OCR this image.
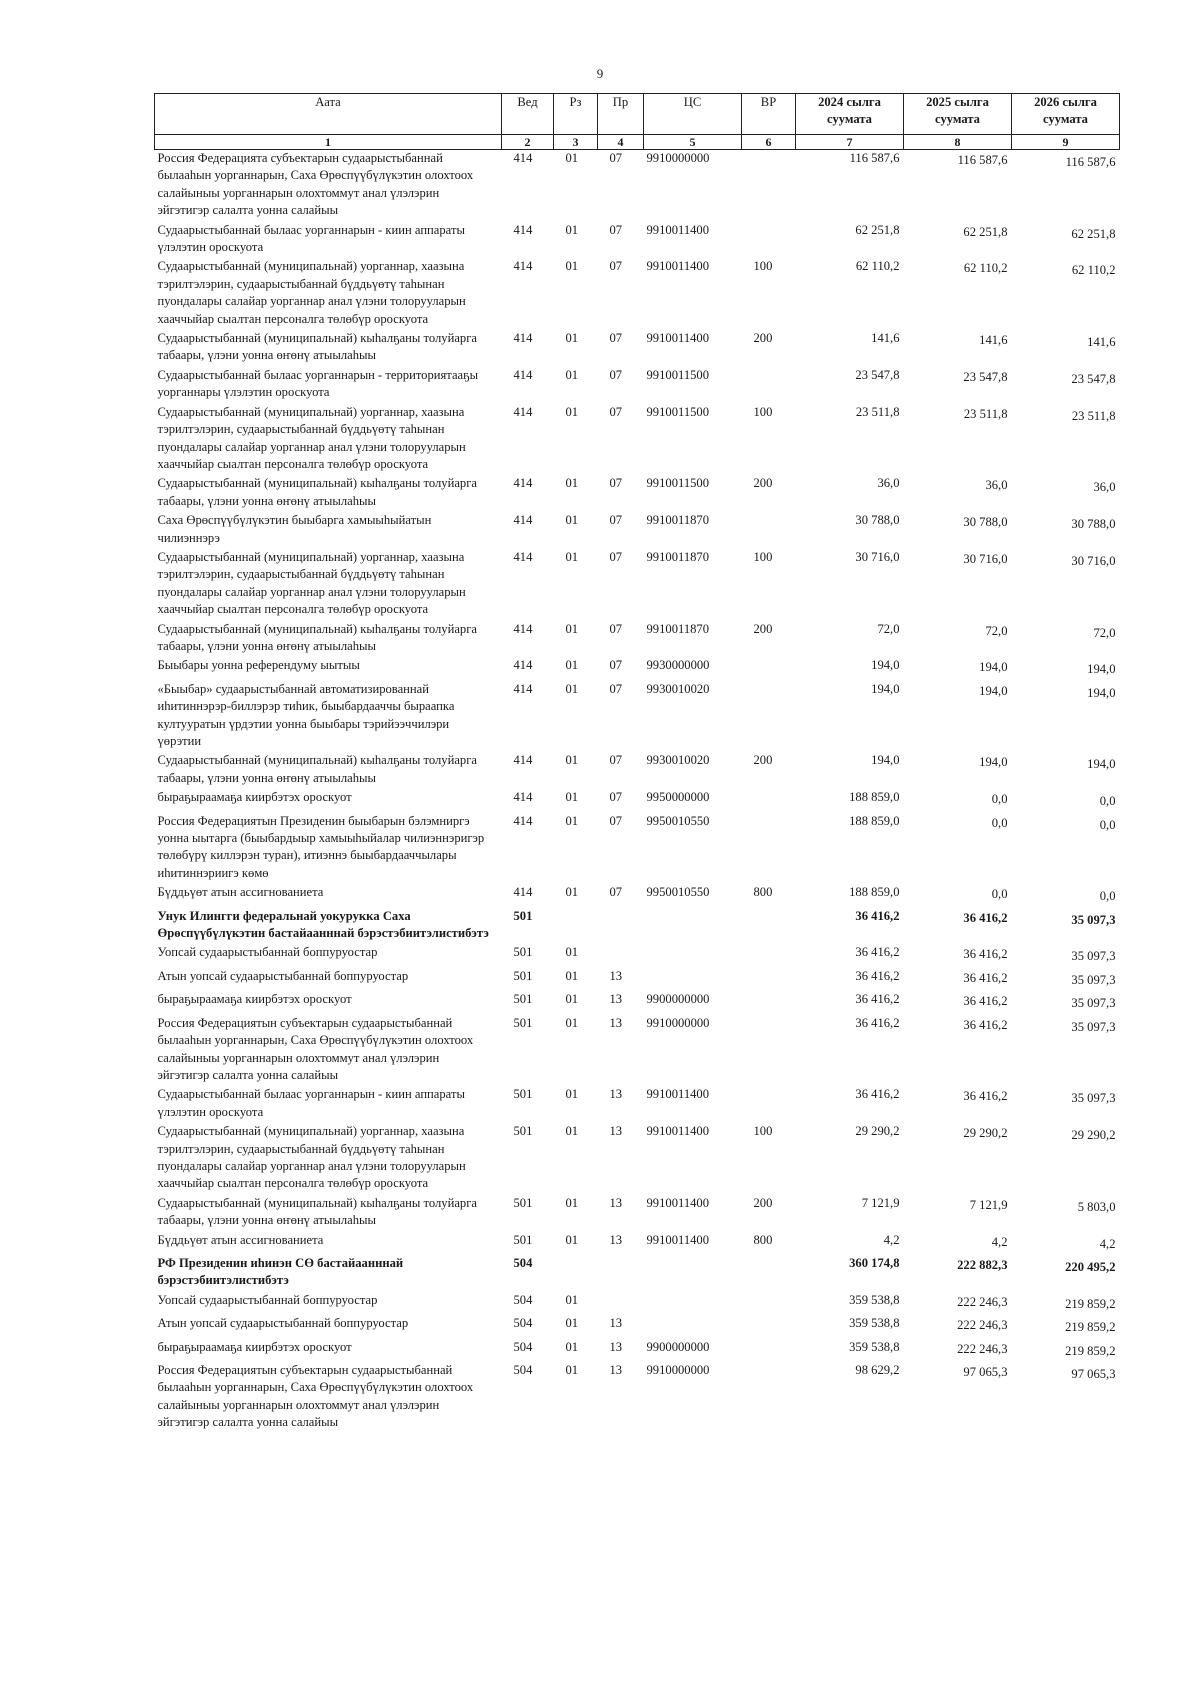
9
Аата	Вед	Рз	Пр	ЦС	ВР	2024 сылга суумата	2025 сылга суумата	2026 сылга суумата
1	2	3	4	5	6	7	8	9
Россия Федерацията субъектарын судаарыстыбаннай былааһын уорганнарын, Саха Өрөспүүбүлүкэтин олохтоох салайыныы уорганнарын олохтоммут анал үлэлэрин эйгэтигэр салалта уонна салайыы	414	01	07	9910000000		116 587,6	116 587,6	116 587,6
Судаарыстыбаннай былаас уорганнарын - киин аппараты үлэлэтин ороскуота	414	01	07	9910011400		62 251,8	62 251,8	62 251,8
Судаарыстыбаннай (муниципальнай) уорганнар, хаазына тэрилтэлэрин, судаарыстыбаннай бүддьүөтү таһынан пуондалары салайар уорганнар анал үлэни толорууларын хааччыйар сыалтан персоналга төлөбүр ороскуота	414	01	07	9910011400	100	62 110,2	62 110,2	62 110,2
Судаарыстыбаннай (муниципальнай) кыһалҕаны толуйарга табаары, үлэни уонна өҥөнү атыылаһыы	414	01	07	9910011400	200	141,6	141,6	141,6
Судаарыстыбаннай былаас уорганнарын - территориятааҕы уорганнары үлэлэтин ороскуота	414	01	07	9910011500		23 547,8	23 547,8	23 547,8
Судаарыстыбаннай (муниципальнай) уорганнар, хаазына тэрилтэлэрин, судаарыстыбаннай бүддьүөтү таһынан пуондалары салайар уорганнар анал үлэни толорууларын хааччыйар сыалтан персоналга төлөбүр ороскуота	414	01	07	9910011500	100	23 511,8	23 511,8	23 511,8
Судаарыстыбаннай (муниципальнай) кыһалҕаны толуйарга табаары, үлэни уонна өҥөнү атыылаһыы	414	01	07	9910011500	200	36,0	36,0	36,0
Саха Өрөспүүбүлүкэтин быыбарга хамыыһыйатын чилиэннэрэ	414	01	07	9910011870		30 788,0	30 788,0	30 788,0
Судаарыстыбаннай (муниципальнай) уорганнар, хаазына тэрилтэлэрин, судаарыстыбаннай бүддьүөтү таһынан пуондалары салайар уорганнар анал үлэни толорууларын хааччыйар сыалтан персоналга төлөбүр ороскуота	414	01	07	9910011870	100	30 716,0	30 716,0	30 716,0
Судаарыстыбаннай (муниципальнай) кыһалҕаны толуйарга табаары, үлэни уонна өҥөнү атыылаһыы	414	01	07	9910011870	200	72,0	72,0	72,0
Быыбары уонна референдуму ыытыы	414	01	07	9930000000		194,0	194,0	194,0
«Быыбар» судаарыстыбаннай автоматизированнай иһитиннэрэр-биллэрэр тиһик, быыбардааччы быраапка култууратын үрдэтии уонна быыбары тэрийээччилэри үөрэтии	414	01	07	9930010020		194,0	194,0	194,0
Судаарыстыбаннай (муниципальнай) кыһалҕаны толуйарга табаары, үлэни уонна өҥөнү атыылаһыы	414	01	07	9930010020	200	194,0	194,0	194,0
быраҕыраамаҕа киирбэтэх ороскуот	414	01	07	9950000000		188 859,0	0,0	0,0
Россия Федерациятын Президенин быыбарын бэлэмниргэ уонна ыытарга (быыбардыыр хамыыһыйалар чилиэннэригэр төлөбүрү киллэрэн туран), итиэннэ быыбардааччылары иһитиннэриигэ көмө	414	01	07	9950010550		188 859,0	0,0	0,0
Бүддьүөт атын ассигнованиета	414	01	07	9950010550	800	188 859,0	0,0	0,0
Унук Илингги федеральнай уокуруккa Саха Өрөспүүбүлүкэтин бастайаанннай бэрэстэбиитэлистибэтэ	501					36 416,2	36 416,2	35 097,3
Уопсай судаарыстыбаннай боппуруостар	501	01				36 416,2	36 416,2	35 097,3
Атын уопсай судаарыстыбаннай боппуруостар	501	01	13			36 416,2	36 416,2	35 097,3
быраҕыраамаҕа киирбэтэх ороскуот	501	01	13	9900000000		36 416,2	36 416,2	35 097,3
Россия Федерациятын субъектарын судаарыстыбаннай былааһын уорганнарын, Саха Өрөспүүбүлүкэтин олохтоох салайыныы уорганнарын олохтоммут анал үлэлэрин эйгэтигэр салалта уонна салайыы	501	01	13	9910000000		36 416,2	36 416,2	35 097,3
Судаарыстыбаннай былаас уорганнарын - киин аппараты үлэлэтин ороскуота	501	01	13	9910011400		36 416,2	36 416,2	35 097,3
Судаарыстыбаннай (муниципальнай) уорганнар, хаазына тэрилтэлэрин, судаарыстыбаннай бүддьүөтү таһынан пуондалары салайар уорганнар анал үлэни толорууларын хааччыйар сыалтан персоналга төлөбүр ороскуота	501	01	13	9910011400	100	29 290,2	29 290,2	29 290,2
Судаарыстыбаннай (муниципальнай) кыһалҕаны толуйарга табаары, үлэни уонна өҥөнү атыылаһыы	501	01	13	9910011400	200	7 121,9	7 121,9	5 803,0
Бүддьүөт атын ассигнованиета	501	01	13	9910011400	800	4,2	4,2	4,2
РФ Президенин иһинэн СӨ бастайаанннай бэрэстэбиитэлистибэтэ	504					360 174,8	222 882,3	220 495,2
Уопсай судаарыстыбаннай боппуруостар	504	01				359 538,8	222 246,3	219 859,2
Атын уопсай судаарыстыбаннай боппуруостар	504	01	13			359 538,8	222 246,3	219 859,2
быраҕыраамаҕа киирбэтэх ороскуот	504	01	13	9900000000		359 538,8	222 246,3	219 859,2
Россия Федерациятын субъектарын судаарыстыбаннай былааһын уорганнарын, Саха Өрөспүүбүлүкэтин олохтоох салайыныы уорганнарын олохтоммут анал үлэлэрин эйгэтигэр салалта уонна салайыы	504	01	13	9910000000		98 629,2	97 065,3	97 065,3
